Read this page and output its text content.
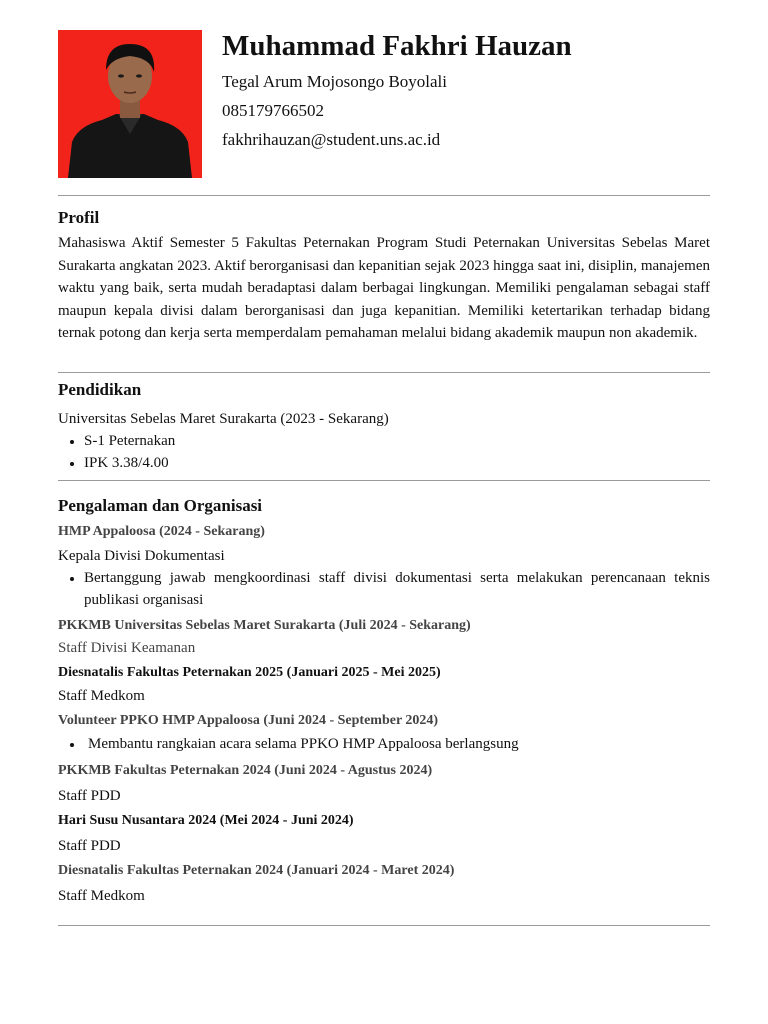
Muhammad Fakhri Hauzan
Tegal Arum Mojosongo Boyolali
085179766502
fakhrihauzan@student.uns.ac.id
Profil

Mahasiswa Aktif Semester 5 Fakultas Peternakan Program Studi Peternakan Universitas Sebelas Maret Surakarta angkatan 2023. Aktif berorganisasi dan kepanitian sejak 2023 hingga saat ini, disiplin, manajemen waktu yang baik, serta mudah beradaptasi dalam berbagai lingkungan. Memiliki pengalaman sebagai staff maupun kepala divisi dalam berorganisasi dan juga kepanitian. Memiliki ketertarikan terhadap bidang ternak potong dan kerja serta memperdalam pemahaman melalui bidang akademik maupun non akademik.

Pendidikan
Universitas Sebelas Maret Surakarta (2023 - Sekarang)
S-1 Peternakan
IPK 3.38/4.00
Pengalaman dan Organisasi
HMP Appaloosa (2024 - Sekarang)
Kepala Divisi Dokumentasi
Bertanggung jawab mengkoordinasi staff divisi dokumentasi serta melakukan perencanaan teknis publikasi organisasi
PKKMB Universitas Sebelas Maret Surakarta (Juli 2024 - Sekarang)
Staff Divisi Keamanan
Diesnatalis Fakultas Peternakan 2025 (Januari 2025 - Mei 2025)
Staff Medkom
Volunteer PPKO HMP Appaloosa (Juni 2024 - September 2024)
Membantu rangkaian acara selama PPKO HMP Appaloosa berlangsung
PKKMB Fakultas Peternakan 2024 (Juni 2024 - Agustus 2024)
Staff PDD
Hari Susu Nusantara 2024 (Mei 2024 - Juni 2024)
Staff PDD
Diesnatalis Fakultas Peternakan 2024 (Januari 2024 - Maret 2024)
Staff Medkom
